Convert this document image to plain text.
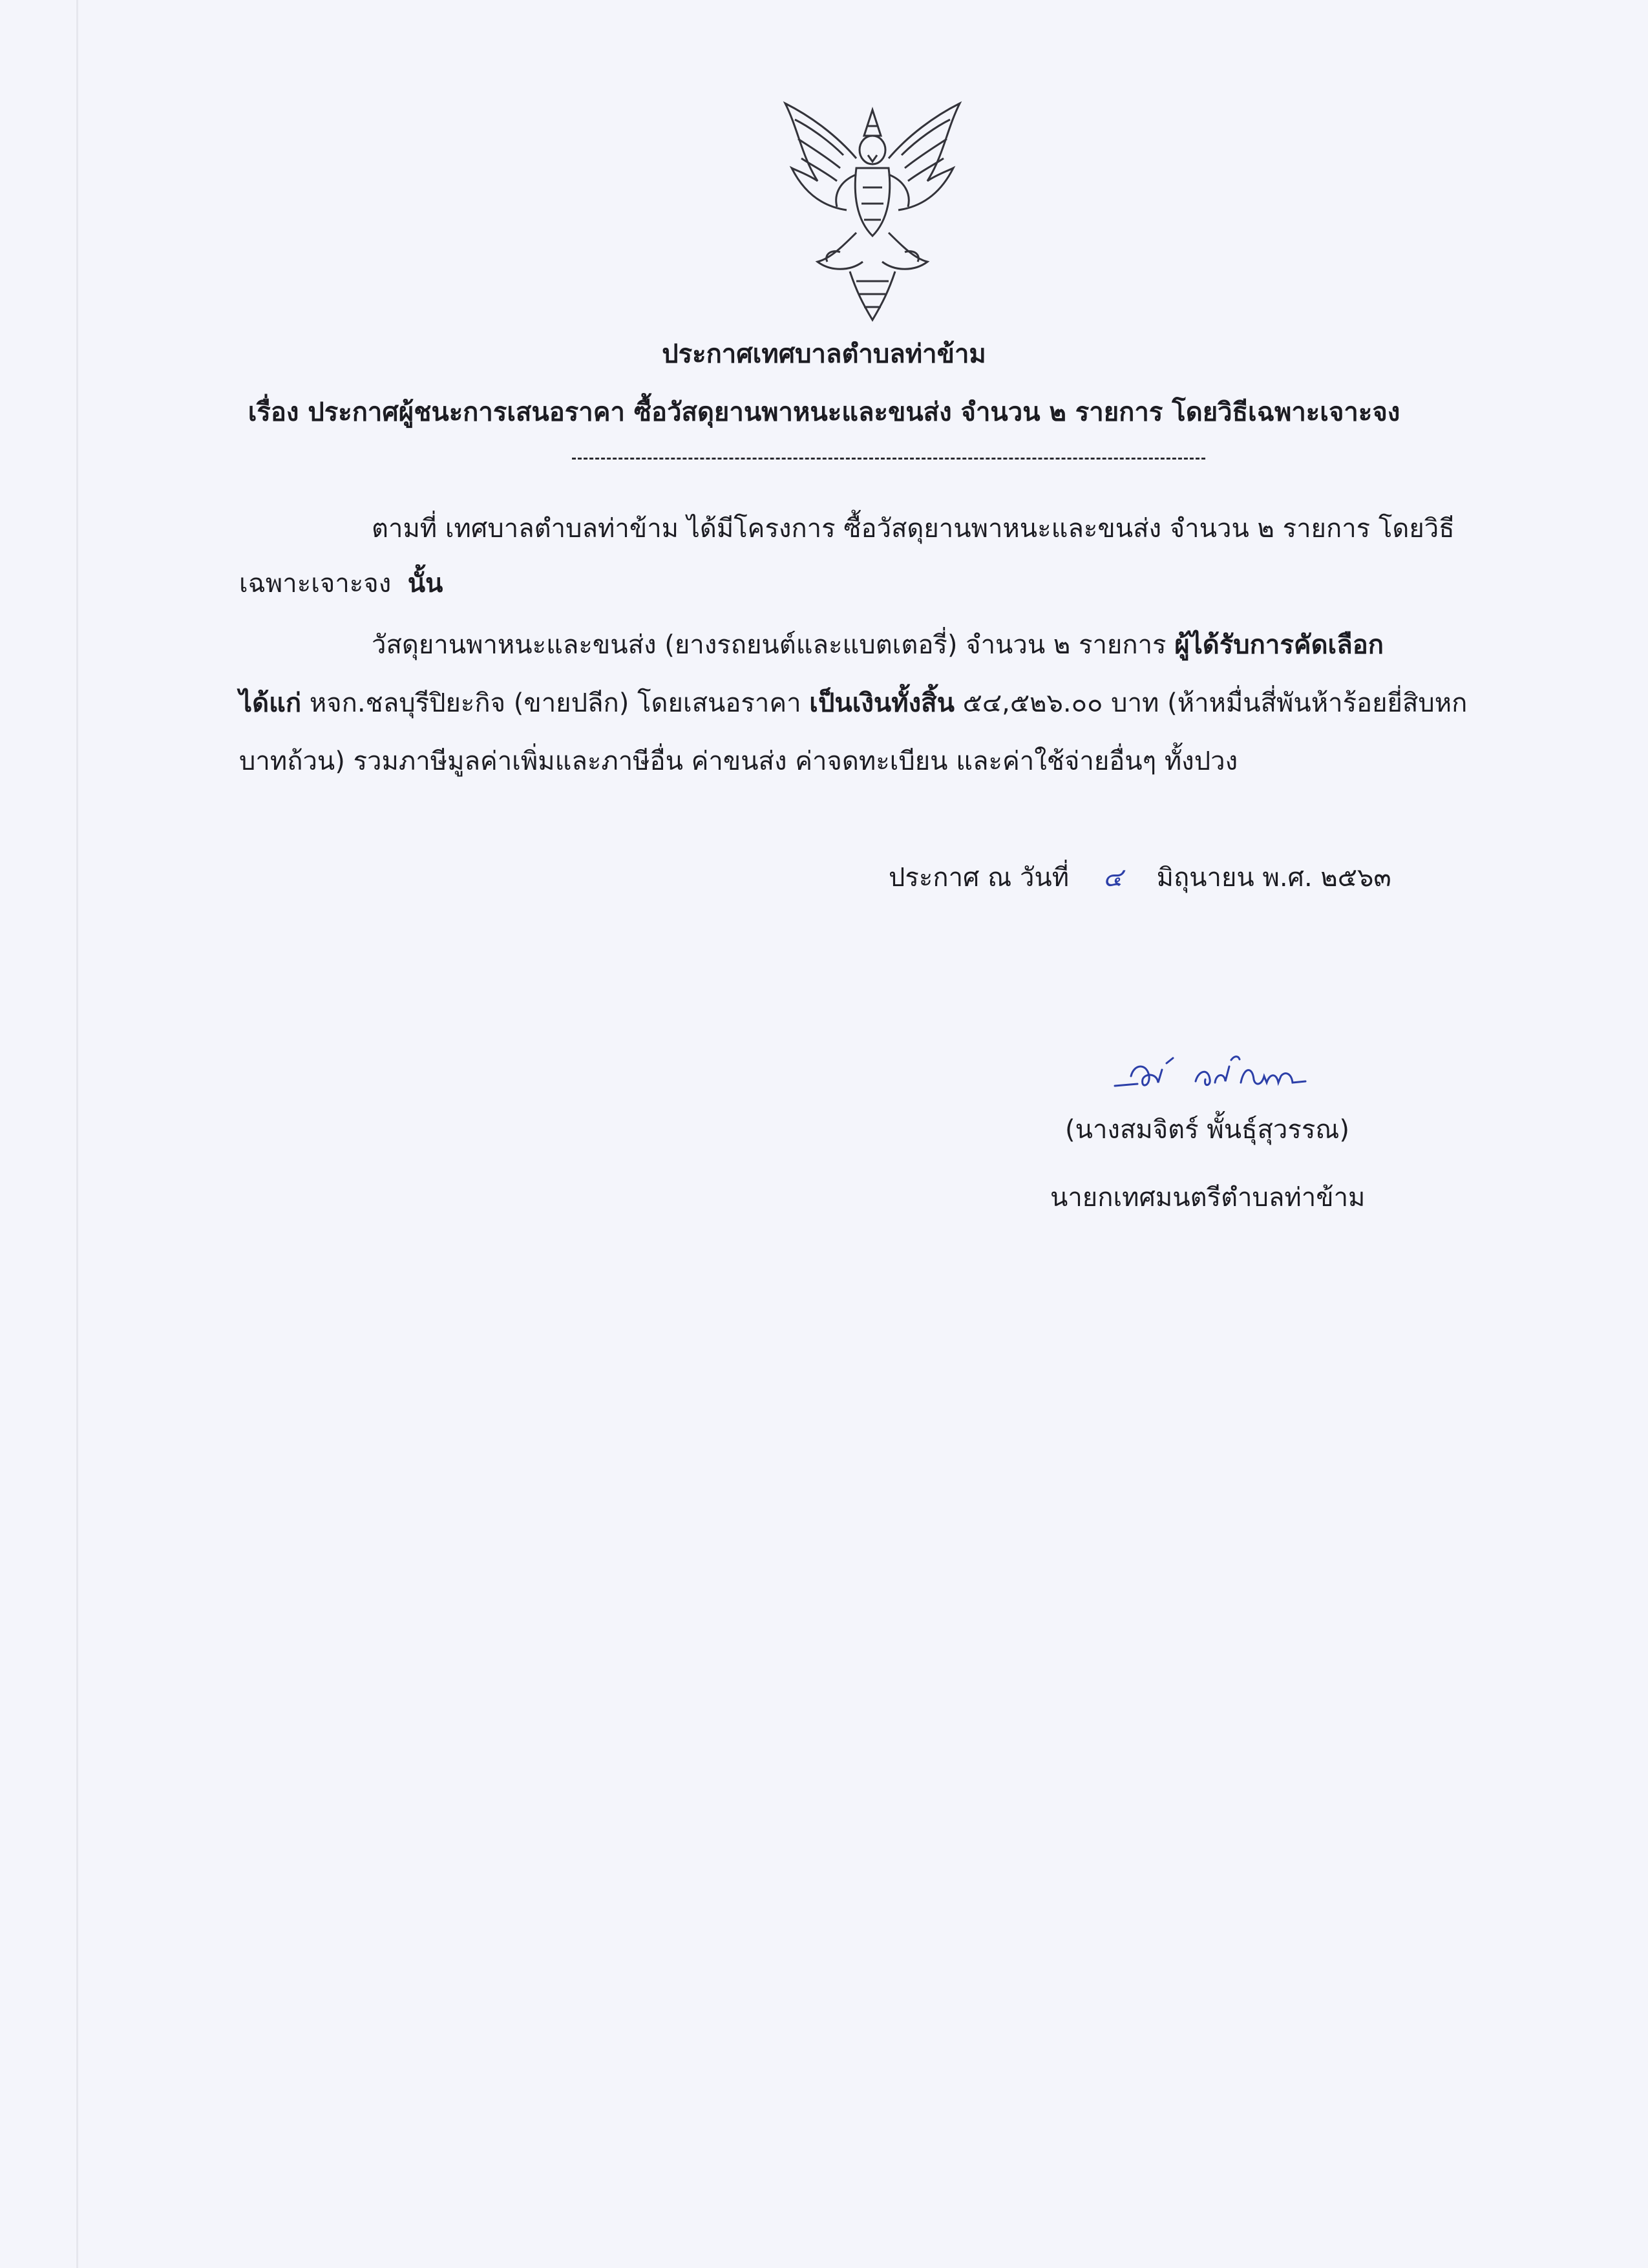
ประกาศเทศบาลตำบลท่าข้าม
เรื่อง ประกาศผู้ชนะการเสนอราคา ซื้อวัสดุยานพาหนะและขนส่ง จำนวน ๒ รายการ โดยวิธีเฉพาะเจาะจง
ตามที่ เทศบาลตำบลท่าข้าม ได้มีโครงการ ซื้อวัสดุยานพาหนะและขนส่ง จำนวน ๒ รายการ โดยวิธี
เฉพาะเจาะจง นั้น
วัสดุยานพาหนะและขนส่ง (ยางรถยนต์และแบตเตอรี่) จำนวน ๒ รายการ ผู้ได้รับการคัดเลือก
ได้แก่ หจก.ชลบุรีปิยะกิจ (ขายปลีก) โดยเสนอราคา เป็นเงินทั้งสิ้น ๕๔,๕๒๖.๐๐ บาท (ห้าหมื่นสี่พันห้าร้อยยี่สิบหก
บาทถ้วน) รวมภาษีมูลค่าเพิ่มและภาษีอื่น ค่าขนส่ง ค่าจดทะเบียน และค่าใช้จ่ายอื่นๆ ทั้งปวง
ประกาศ ณ วันที่ ๔ มิถุนายน พ.ศ. ๒๕๖๓
(นางสมจิตร์ พั้นธุ์สุวรรณ)
นายกเทศมนตรีตำบลท่าข้าม
